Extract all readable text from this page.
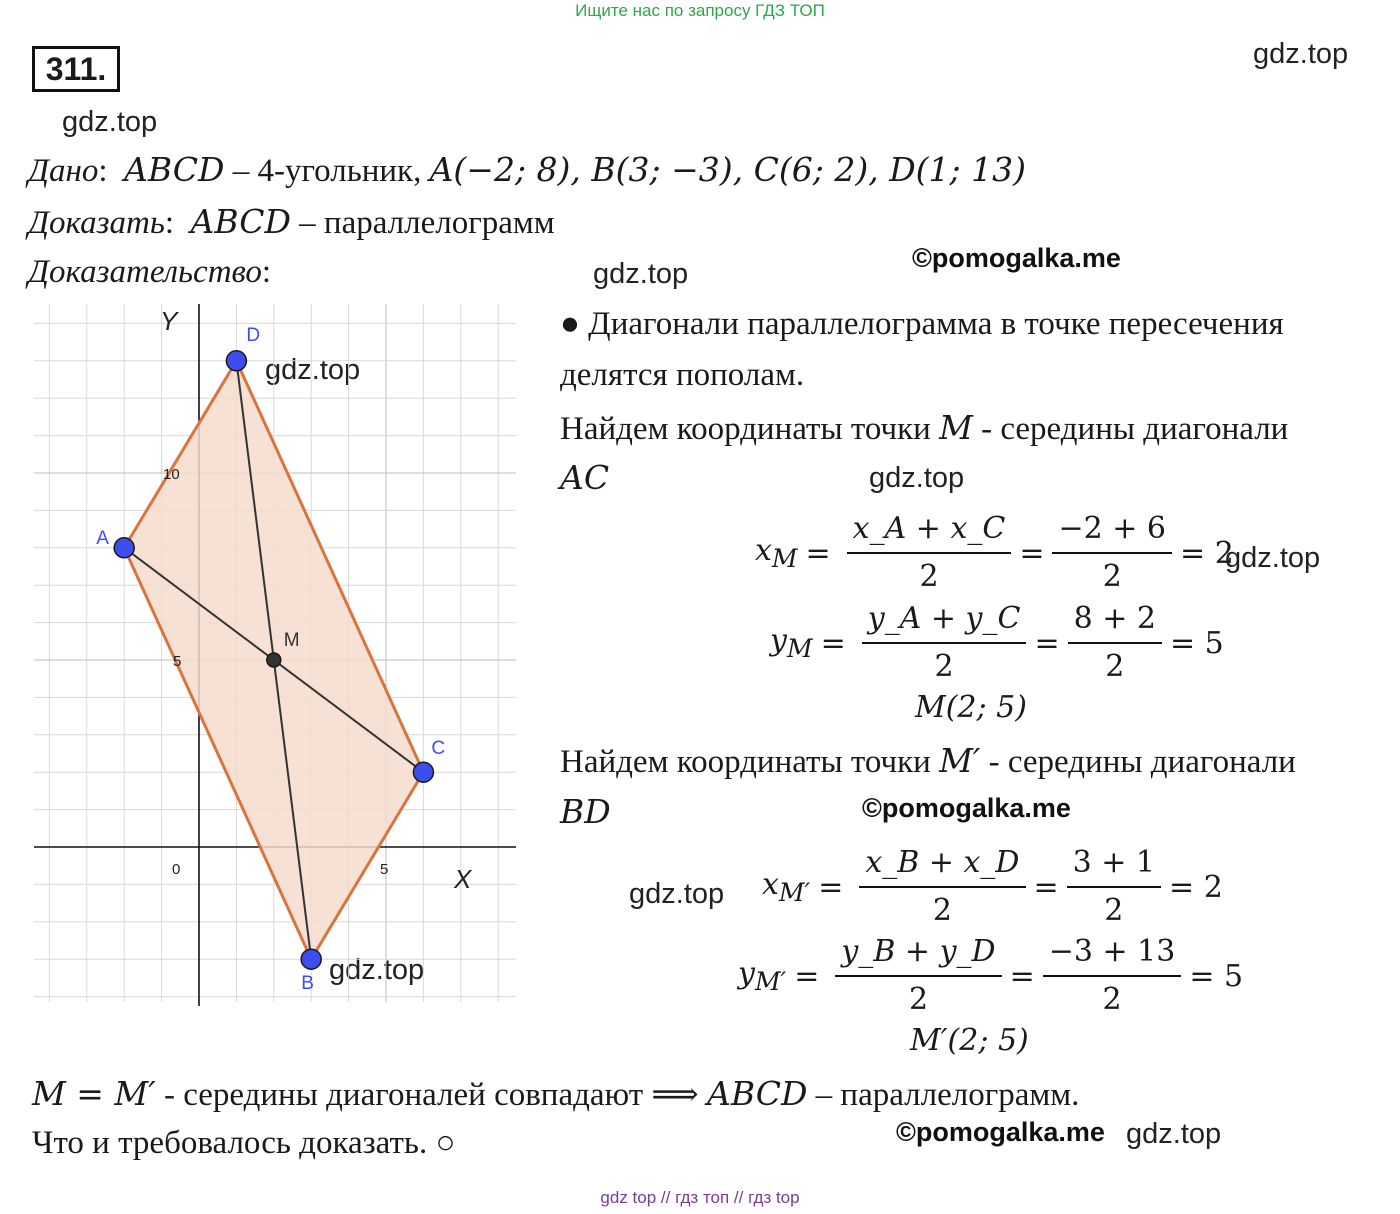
Ищите нас по запросу ГДЗ ТОП
311.	gdz.top
gdz.top
gdz.top
gdz.top
gdz.top
gdz.top
gdz.top
gdz.top
gdz.top
©pomogalka.me
©pomogalka.me
©pomogalka.me
Дано:  ABCD – 4-угольник, A(−2; 8), B(3; −3), C(6; 2), D(1; 13)
Доказать:  ABCD – параллелограмм
Доказательство:
A
B
C
D
M
X
Y
0	5
5
10
● Диагонали параллелограмма в точке пересечения
делятся пополам.
Найдем координаты точки M - середины диагонали
AC
$x_M = \frac{x\_A + x\_C}{2} = \frac{-2 + 6}{2} = 2$
$y_M = \frac{y\_A + y\_C}{2} = \frac{8 + 2}{2} = 5$
M(2; 5)
Найдем координаты точки M′ - середины диагонали
BD
$x_{M'} = \frac{x\_B + x\_D}{2} = \frac{3 + 1}{2} = 2$
$y_{M'} = \frac{y\_B + y\_D}{2} = \frac{-3 + 13}{2} = 5$
M′(2; 5)
M = M′ - середины диагоналей совпадают ⟹ ABCD – параллелограмм.
Что и требовалось доказать. ○
gdz top // гдз топ // гдз top
